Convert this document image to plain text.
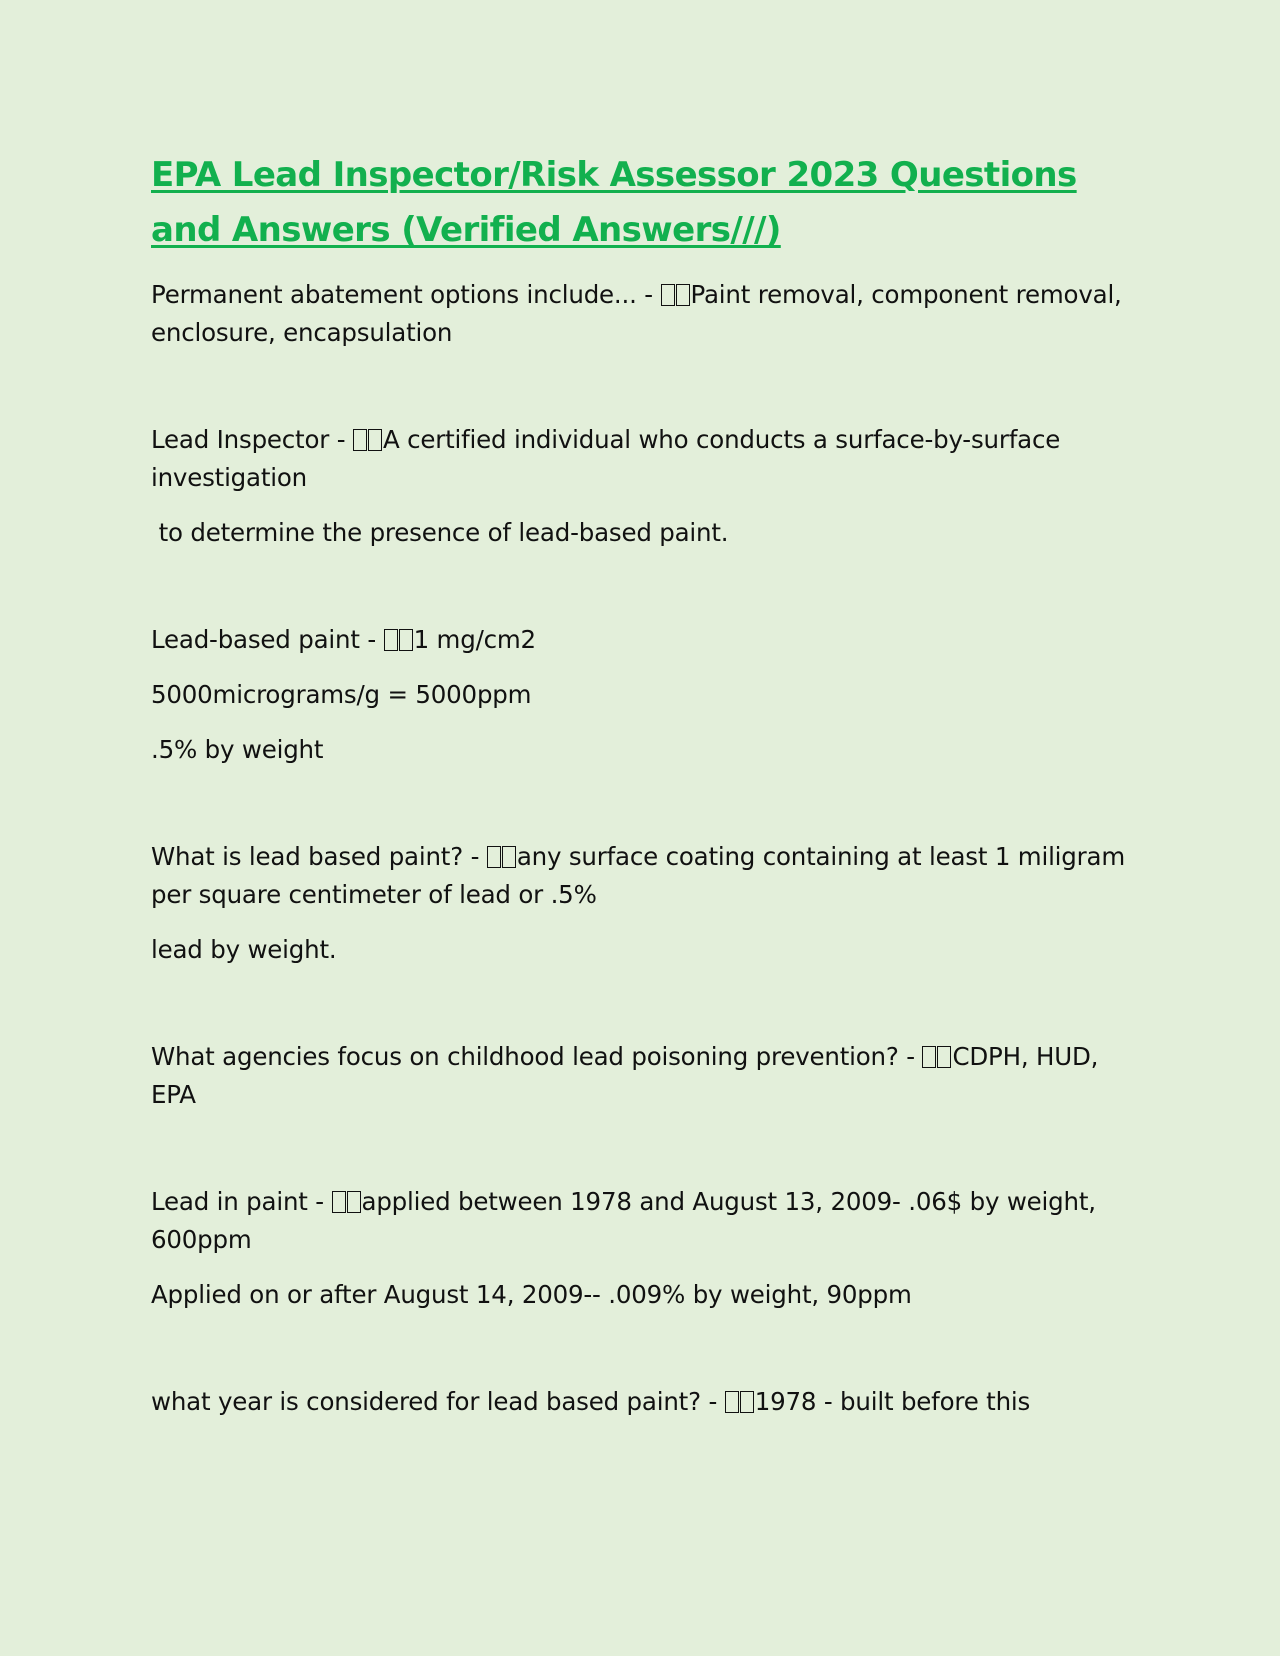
EPA Lead Inspector/Risk Assessor 2023 Questions and Answers (Verified Answers///)

Permanent abatement options include... - Paint removal, component removal, enclosure, encapsulation

Lead Inspector - A certified individual who conducts a surface-by-surface investigation

to determine the presence of lead-based paint.

Lead-based paint - 1 mg/cm2

5000micrograms/g = 5000ppm

.5% by weight

What is lead based paint? - any surface coating containing at least 1 miligram per square centimeter of lead or .5%

lead by weight.

What agencies focus on childhood lead poisoning prevention? - CDPH, HUD, EPA

Lead in paint - applied between 1978 and August 13, 2009- .06$ by weight, 600ppm

Applied on or after August 14, 2009-- .009% by weight, 90ppm

what year is considered for lead based paint? - 1978 - built before this
